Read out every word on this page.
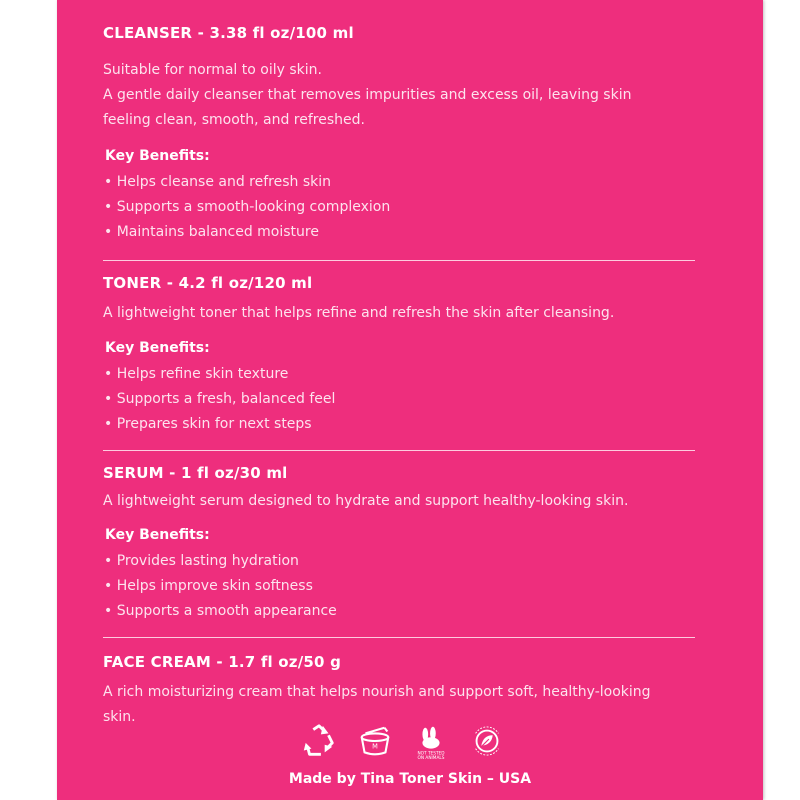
CLEANSER - 3.38 fl oz/100 ml
Suitable for normal to oily skin.
A gentle daily cleanser that removes impurities and excess oil, leaving skin
feeling clean, smooth, and refreshed.
Key Benefits:
• Helps cleanse and refresh skin
• Supports a smooth-looking complexion
• Maintains balanced moisture
TONER - 4.2 fl oz/120 ml
A lightweight toner that helps refine and refresh the skin after cleansing.
Key Benefits:
• Helps refine skin texture
• Supports a fresh, balanced feel
• Prepares skin for next steps
SERUM - 1 fl oz/30 ml
A lightweight serum designed to hydrate and support healthy-looking skin.
Key Benefits:
• Provides lasting hydration
• Helps improve skin softness
• Supports a smooth appearance
FACE CREAM - 1.7 fl oz/50 g
A rich moisturizing cream that helps nourish and support soft, healthy-looking
skin.
M
NOT TESTED
ON ANIMALS
Made by Tina Toner Skin – USA
